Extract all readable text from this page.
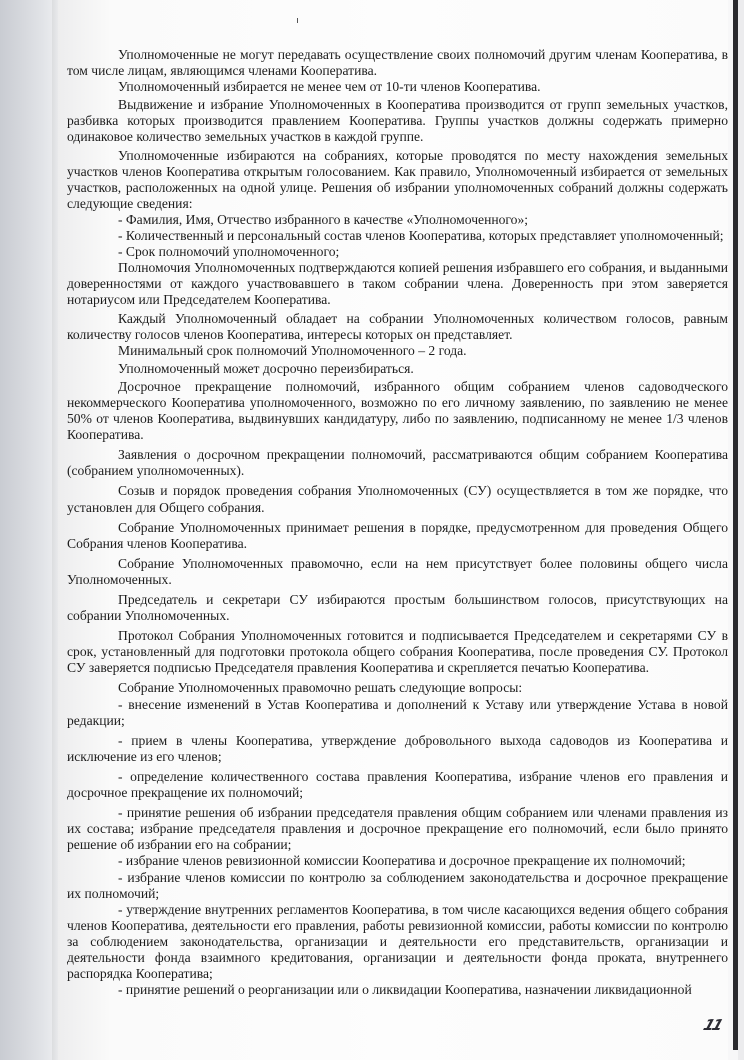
Уполномоченные не могут передавать осуществление своих полномочий другим членам Кооператива, в том числе лицам, являющимся членами Кооператива.

Уполномоченный избирается не менее чем от 10-ти членов Кооператива.

Выдвижение и избрание Уполномоченных в Кооператива производится от групп земельных участков, разбивка которых производится правлением Кооператива. Группы участков должны содержать примерно одинаковое количество земельных участков в каждой группе.

Уполномоченные избираются на собраниях, которые проводятся по месту нахождения земельных участков членов Кооператива открытым голосованием. Как правило, Уполномоченный избирается от земельных участков, расположенных на одной улице. Решения об избрании уполномоченных собраний должны содержать следующие сведения:

- Фамилия, Имя, Отчество избранного в качестве «Уполномоченного»;

- Количественный и персональный состав членов Кооператива, которых представляет уполномоченный;

- Срок полномочий уполномоченного;

Полномочия Уполномоченных подтверждаются копией решения избравшего его собрания, и выданными доверенностями от каждого участвовавшего в таком собрании члена. Доверенность при этом заверяется нотариусом или Председателем Кооператива.

Каждый Уполномоченный обладает на собрании Уполномоченных количеством голосов, равным количеству голосов членов Кооператива, интересы которых он представляет.

Минимальный срок полномочий Уполномоченного – 2 года.

Уполномоченный может досрочно переизбираться.

Досрочное прекращение полномочий, избранного общим собранием членов садоводческого некоммерческого Кооператива уполномоченного, возможно по его личному заявлению, по заявлению не менее 50% от членов Кооператива, выдвинувших кандидатуру, либо по заявлению, подписанному не менее 1/3 членов Кооператива.

Заявления о досрочном прекращении полномочий, рассматриваются общим собранием Кооператива (собранием уполномоченных).

Созыв и порядок проведения собрания Уполномоченных (СУ) осуществляется в том же порядке, что установлен для Общего собрания.

Собрание Уполномоченных принимает решения в порядке, предусмотренном для проведения Общего Собрания членов Кооператива.

Собрание Уполномоченных правомочно, если на нем присутствует более половины общего числа Уполномоченных.

Председатель и секретари СУ избираются простым большинством голосов, присутствующих на собрании Уполномоченных.

Протокол Собрания Уполномоченных готовится и подписывается Председателем и секретарями СУ в срок, установленный для подготовки протокола общего собрания Кооператива, после проведения СУ. Протокол СУ заверяется подписью Председателя правления Кооператива и скрепляется печатью Кооператива.

Собрание Уполномоченных правомочно решать следующие вопросы:

- внесение изменений в Устав Кооператива и дополнений к Уставу или утверждение Устава в новой редакции;

- прием в члены Кооператива, утверждение добровольного выхода садоводов из Кооператива и исключение из его членов;

- определение количественного состава правления Кооператива, избрание членов его правления и досрочное прекращение их полномочий;

- принятие решения об избрании председателя правления общим собранием или членами правления из их состава; избрание председателя правления и досрочное прекращение его полномочий, если было принято решение об избрании его на собрании;

- избрание членов ревизионной комиссии Кооператива и досрочное прекращение их полномочий;

- избрание членов комиссии по контролю за соблюдением законодательства и досрочное прекращение их полномочий;

- утверждение внутренних регламентов Кооператива, в том числе касающихся ведения общего собрания членов Кооператива, деятельности его правления, работы ревизионной комиссии, работы комиссии по контролю за соблюдением законодательства, организации и деятельности его представительств, организации и деятельности фонда взаимного кредитования, организации и деятельности фонда проката, внутреннего распорядка Кооператива;

- принятие решений о реорганизации или о ликвидации Кооператива, назначении ликвидационной

11
